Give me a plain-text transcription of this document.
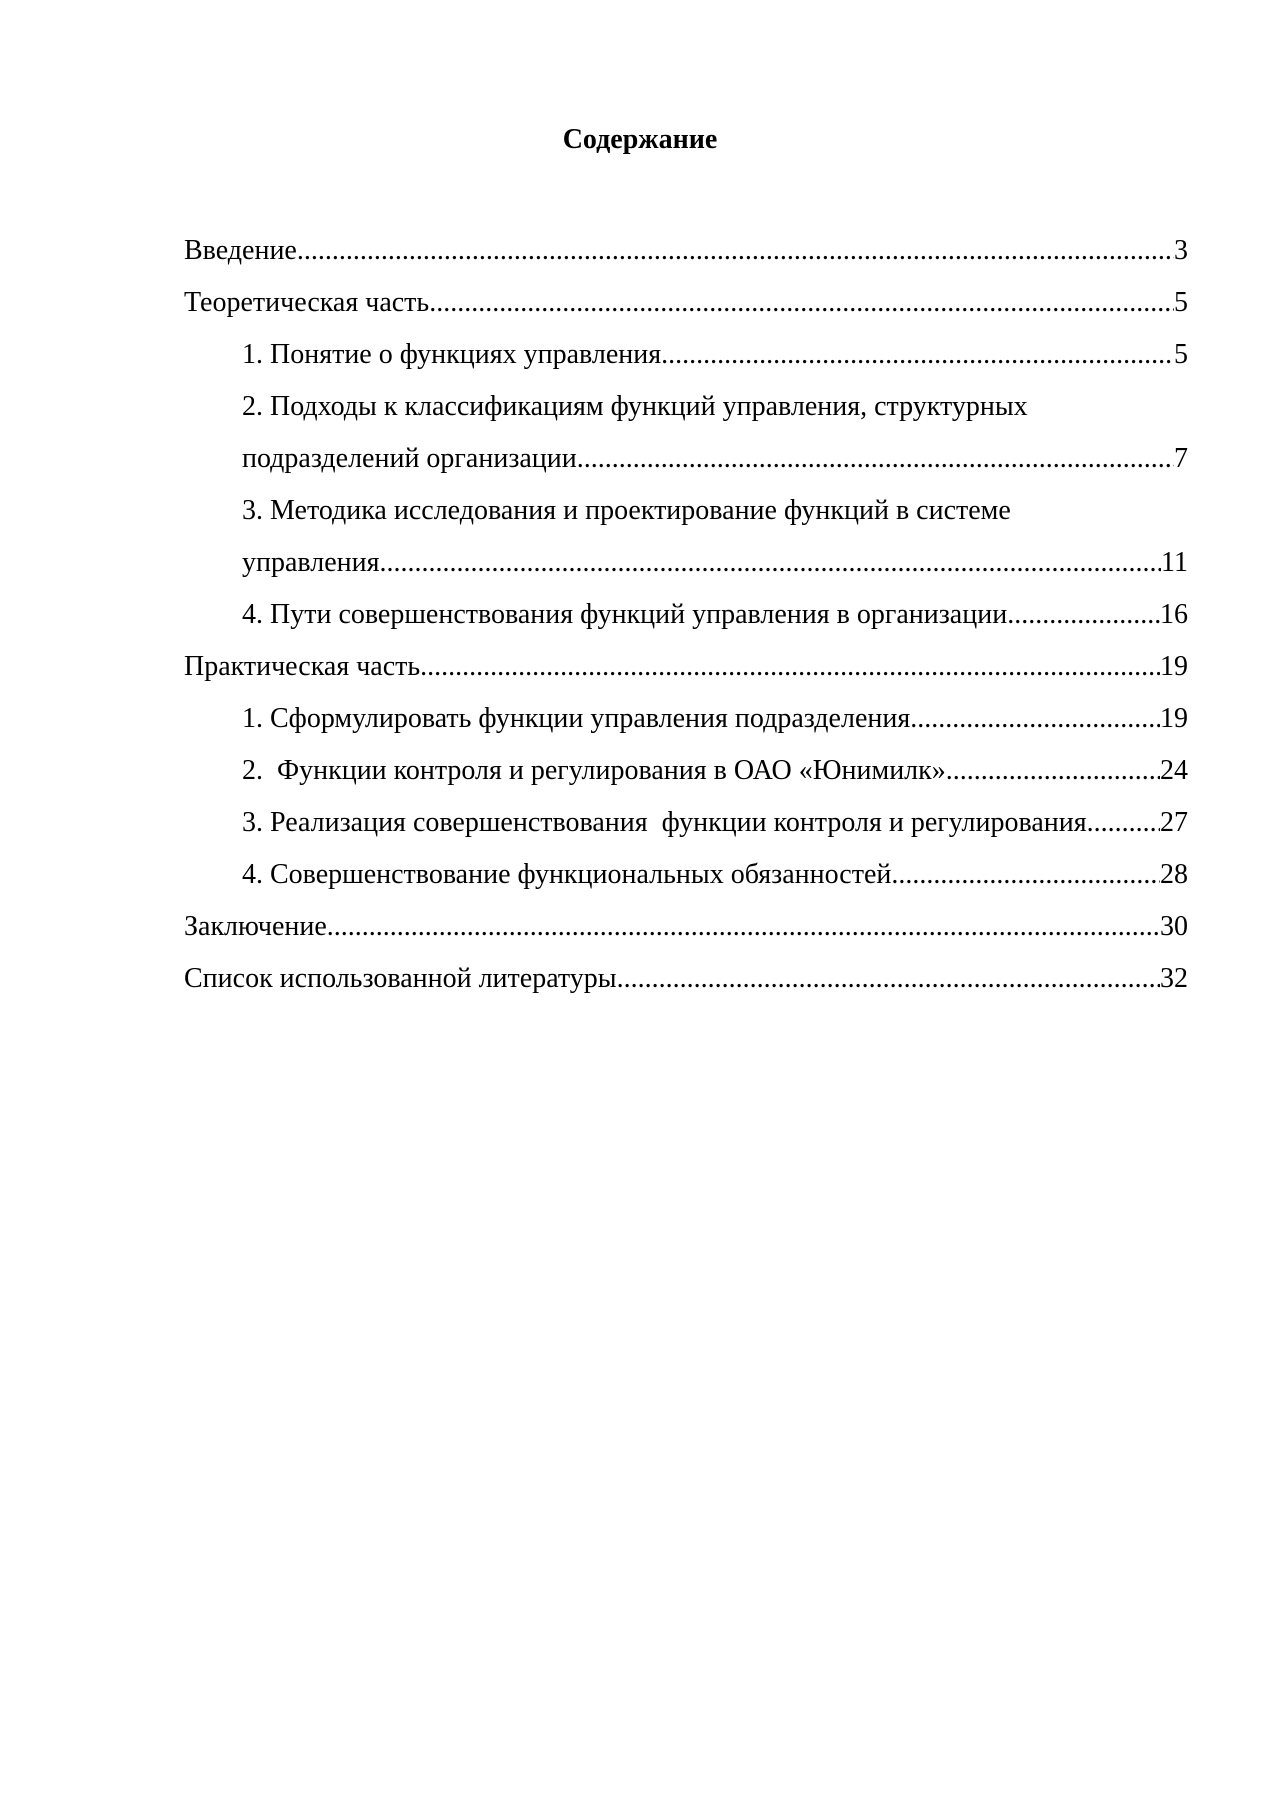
Содержание
Введение .....	3
Теоретическая часть .....	5
1. Понятие о функциях управления .....	5
2. Подходы к классификациям функций управления, структурных
подразделений организации .....	7
3. Методика исследования и проектирование функций в системе
управления .....	11
4. Пути совершенствования функций управления в организации .....	16
Практическая часть .....	19
1. Сформулировать функции управления подразделения .....	19
2.  Функции контроля и регулирования в ОАО «Юнимилк» .....	24
3. Реализация совершенствования  функции контроля и регулирования .....	27
4. Совершенствование функциональных обязанностей .....	28
Заключение .....	30
Список использованной литературы .....	32
